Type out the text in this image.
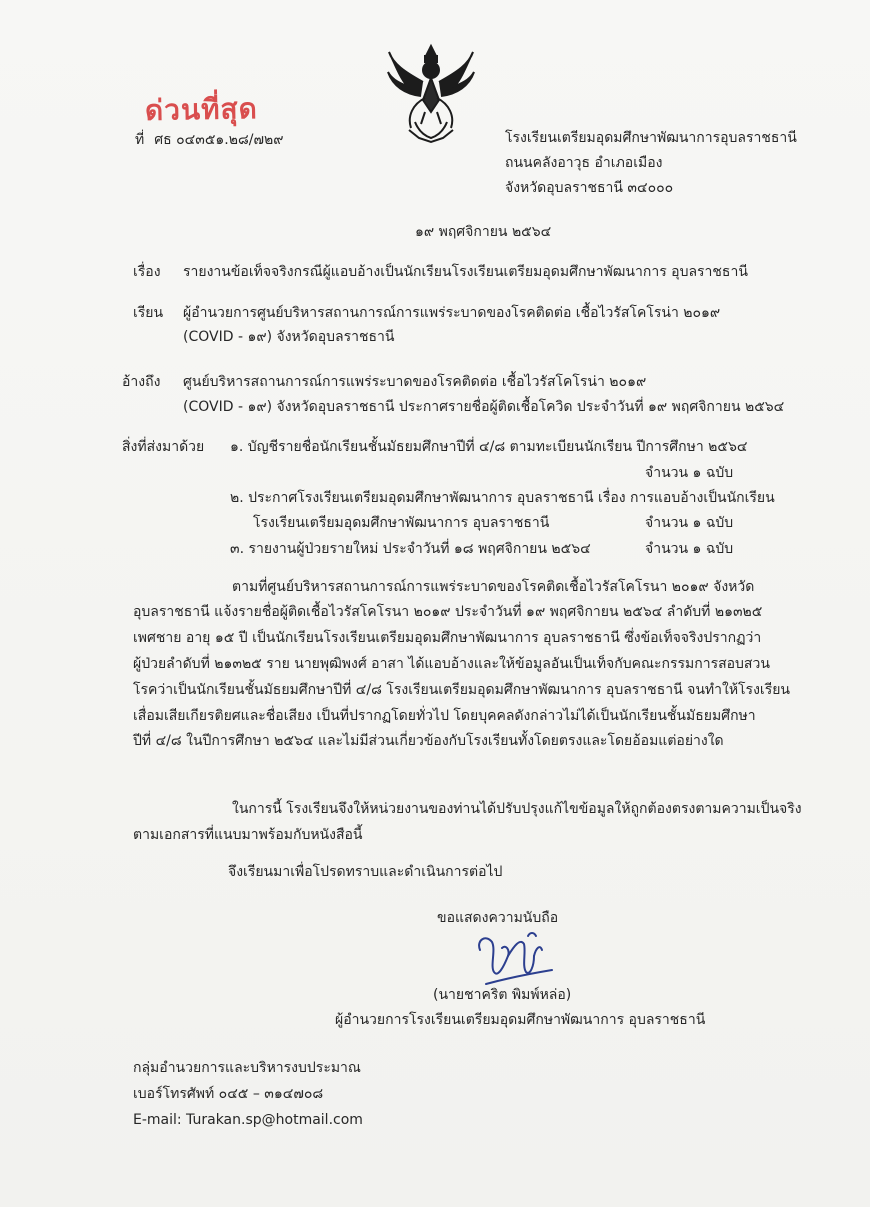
ด่วนที่สุด
ที่ ศธ ๐๔๓๕๑.๒๘/๗๒๙	โรงเรียนเตรียมอุดมศึกษาพัฒนาการอุบลราชธานี
ถนนคลังอาวุธ อำเภอเมือง
จังหวัดอุบลราชธานี ๓๔๐๐๐
๑๙ พฤศจิกายน ๒๕๖๔
เรื่อง รายงานข้อเท็จจริงกรณีผู้แอบอ้างเป็นนักเรียนโรงเรียนเตรียมอุดมศึกษาพัฒนาการ อุบลราชธานี
เรียน ผู้อำนวยการศูนย์บริหารสถานการณ์การแพร่ระบาดของโรคติดต่อ เชื้อไวรัสโคโรน่า ๒๐๑๙
(COVID - ๑๙) จังหวัดอุบลราชธานี
อ้างถึง ศูนย์บริหารสถานการณ์การแพร่ระบาดของโรคติดต่อ เชื้อไวรัสโคโรน่า ๒๐๑๙
(COVID - ๑๙) จังหวัดอุบลราชธานี ประกาศรายชื่อผู้ติดเชื้อโควิด ประจำวันที่ ๑๙ พฤศจิกายน ๒๕๖๔
สิ่งที่ส่งมาด้วย ๑. บัญชีรายชื่อนักเรียนชั้นมัธยมศึกษาปีที่ ๔/๘ ตามทะเบียนนักเรียน ปีการศึกษา ๒๕๖๔
จำนวน ๑ ฉบับ
๒. ประกาศโรงเรียนเตรียมอุดมศึกษาพัฒนาการ อุบลราชธานี เรื่อง การแอบอ้างเป็นนักเรียน
โรงเรียนเตรียมอุดมศึกษาพัฒนาการ อุบลราชธานี	จำนวน ๑ ฉบับ
๓. รายงานผู้ป่วยรายใหม่ ประจำวันที่ ๑๘ พฤศจิกายน ๒๕๖๔	จำนวน ๑ ฉบับ
ตามที่ศูนย์บริหารสถานการณ์การแพร่ระบาดของโรคติดเชื้อไวรัสโคโรนา ๒๐๑๙ จังหวัด
อุบลราชธานี แจ้งรายชื่อผู้ติดเชื้อไวรัสโคโรนา ๒๐๑๙ ประจำวันที่ ๑๙ พฤศจิกายน ๒๕๖๔ ลำดับที่ ๒๑๓๒๕
เพศชาย อายุ ๑๕ ปี เป็นนักเรียนโรงเรียนเตรียมอุดมศึกษาพัฒนาการ อุบลราชธานี ซึ่งข้อเท็จจริงปรากฏว่า
ผู้ป่วยลำดับที่ ๒๑๓๒๕ ราย นายพุฒิพงศ์ อาสา ได้แอบอ้างและให้ข้อมูลอันเป็นเท็จกับคณะกรรมการสอบสวน
โรคว่าเป็นนักเรียนชั้นมัธยมศึกษาปีที่ ๔/๘ โรงเรียนเตรียมอุดมศึกษาพัฒนาการ อุบลราชธานี จนทำให้โรงเรียน
เสื่อมเสียเกียรติยศและชื่อเสียง เป็นที่ปรากฏโดยทั่วไป โดยบุคคลดังกล่าวไม่ได้เป็นนักเรียนชั้นมัธยมศึกษา
ปีที่ ๔/๘ ในปีการศึกษา ๒๕๖๔ และไม่มีส่วนเกี่ยวข้องกับโรงเรียนทั้งโดยตรงและโดยอ้อมแต่อย่างใด
ในการนี้ โรงเรียนจึงให้หน่วยงานของท่านได้ปรับปรุงแก้ไขข้อมูลให้ถูกต้องตรงตามความเป็นจริง
ตามเอกสารที่แนบมาพร้อมกับหนังสือนี้
จึงเรียนมาเพื่อโปรดทราบและดำเนินการต่อไป
ขอแสดงความนับถือ
(นายชาคริต พิมพ์หล่อ)
ผู้อำนวยการโรงเรียนเตรียมอุดมศึกษาพัฒนาการ อุบลราชธานี
กลุ่มอำนวยการและบริหารงบประมาณ
เบอร์โทรศัพท์ ๐๔๕ – ๓๑๔๗๐๘
E-mail: Turakan.sp@hotmail.com
